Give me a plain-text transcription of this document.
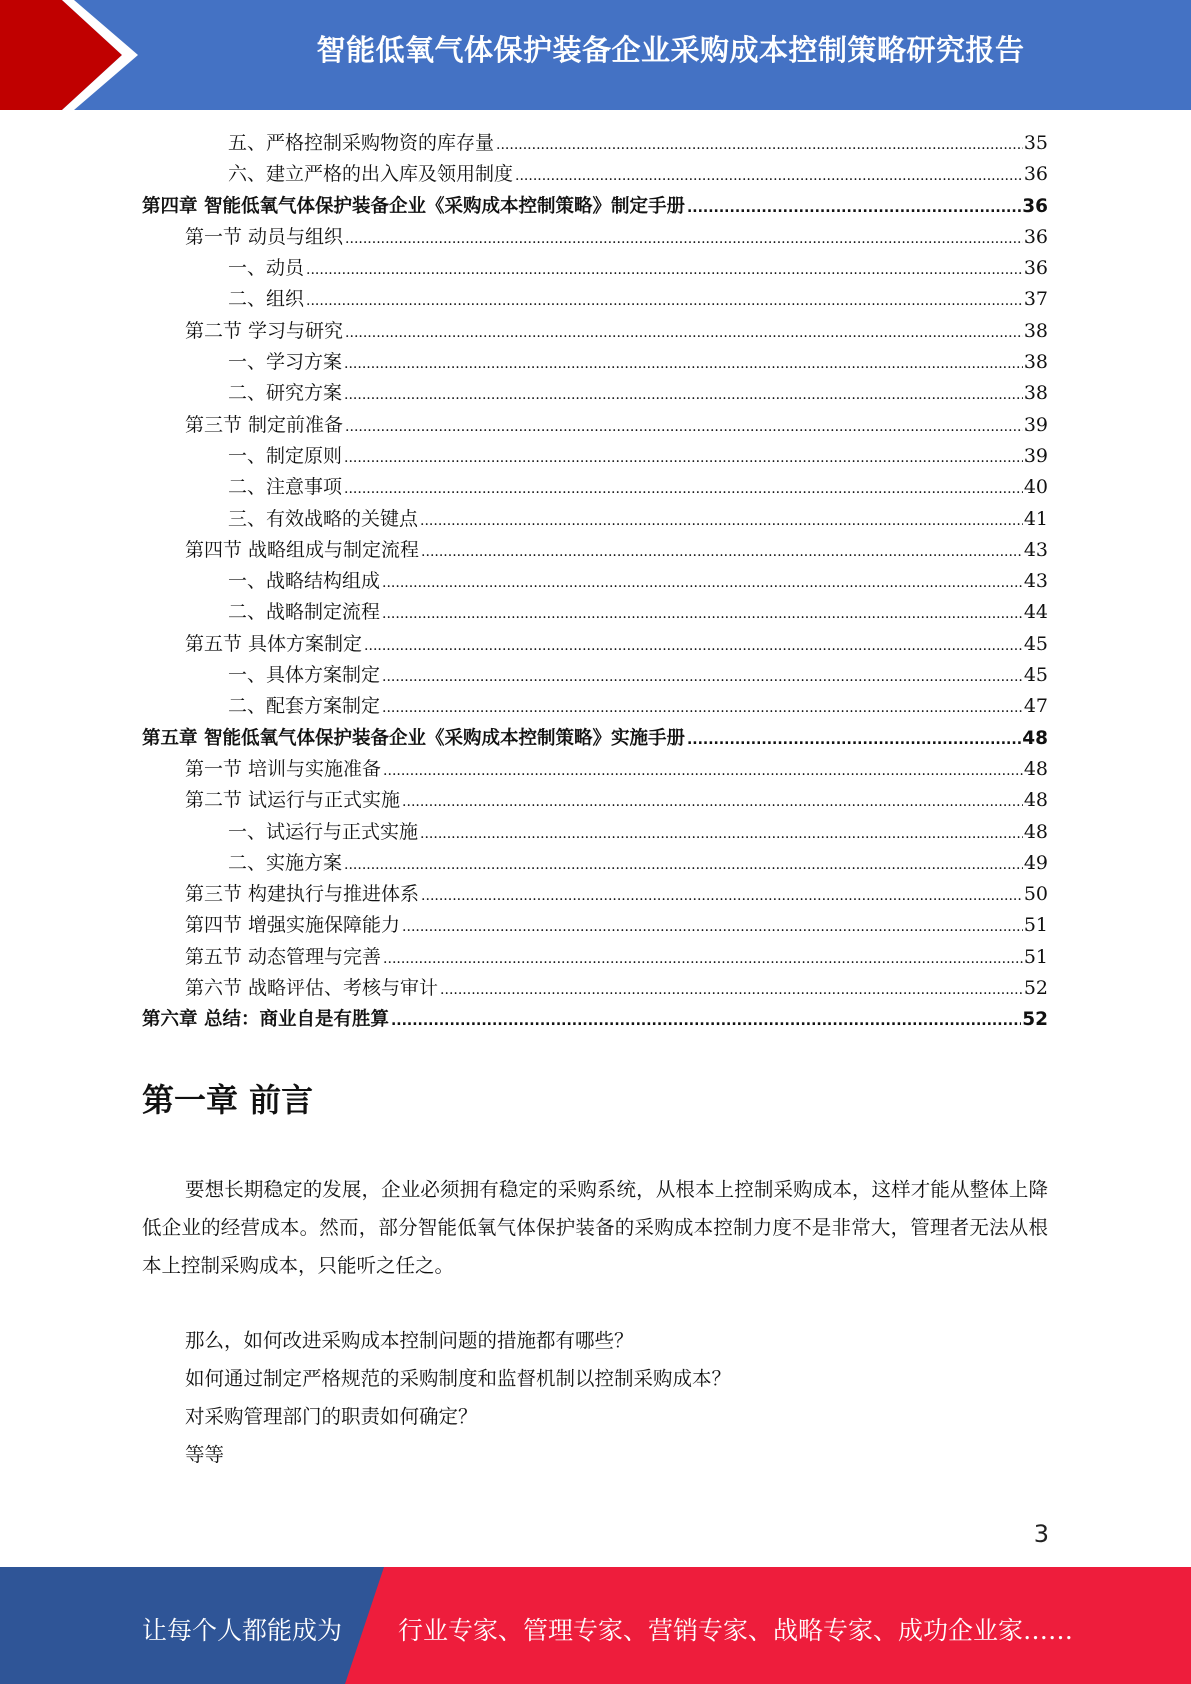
智能低氧气体保护装备企业采购成本控制策略研究报告
五、严格控制采购物资的库存量 .....	35
六、建立严格的出入库及领用制度 .....	36
第四章 智能低氧气体保护装备企业《采购成本控制策略》制定手册 .....	36
第一节 动员与组织 .....	36
一、动员 .....	36
二、组织 .....	37
第二节 学习与研究 .....	38
一、学习方案 .....	38
二、研究方案 .....	38
第三节 制定前准备 .....	39
一、制定原则 .....	39
二、注意事项 .....	40
三、有效战略的关键点 .....	41
第四节 战略组成与制定流程 .....	43
一、战略结构组成 .....	43
二、战略制定流程 .....	44
第五节 具体方案制定 .....	45
一、具体方案制定 .....	45
二、配套方案制定 .....	47
第五章 智能低氧气体保护装备企业《采购成本控制策略》实施手册 .....	48
第一节 培训与实施准备 .....	48
第二节 试运行与正式实施 .....	48
一、试运行与正式实施 .....	48
二、实施方案 .....	49
第三节 构建执行与推进体系 .....	50
第四节 增强实施保障能力 .....	51
第五节 动态管理与完善 .....	51
第六节 战略评估、考核与审计 .....	52
第六章 总结：商业自是有胜算 .....	52
第一章 前言
要想长期稳定的发展，企业必须拥有稳定的采购系统，从根本上控制采购成本，这样才能从整体上降低企业的经营成本。然而，部分智能低氧气体保护装备的采购成本控制力度不是非常大，管理者无法从根本上控制采购成本，只能听之任之。
那么，如何改进采购成本控制问题的措施都有哪些？
如何通过制定严格规范的采购制度和监督机制以控制采购成本？
对采购管理部门的职责如何确定？
等等
3
让每个人都能成为 行业专家、管理专家、营销专家、战略专家、成功企业家……
